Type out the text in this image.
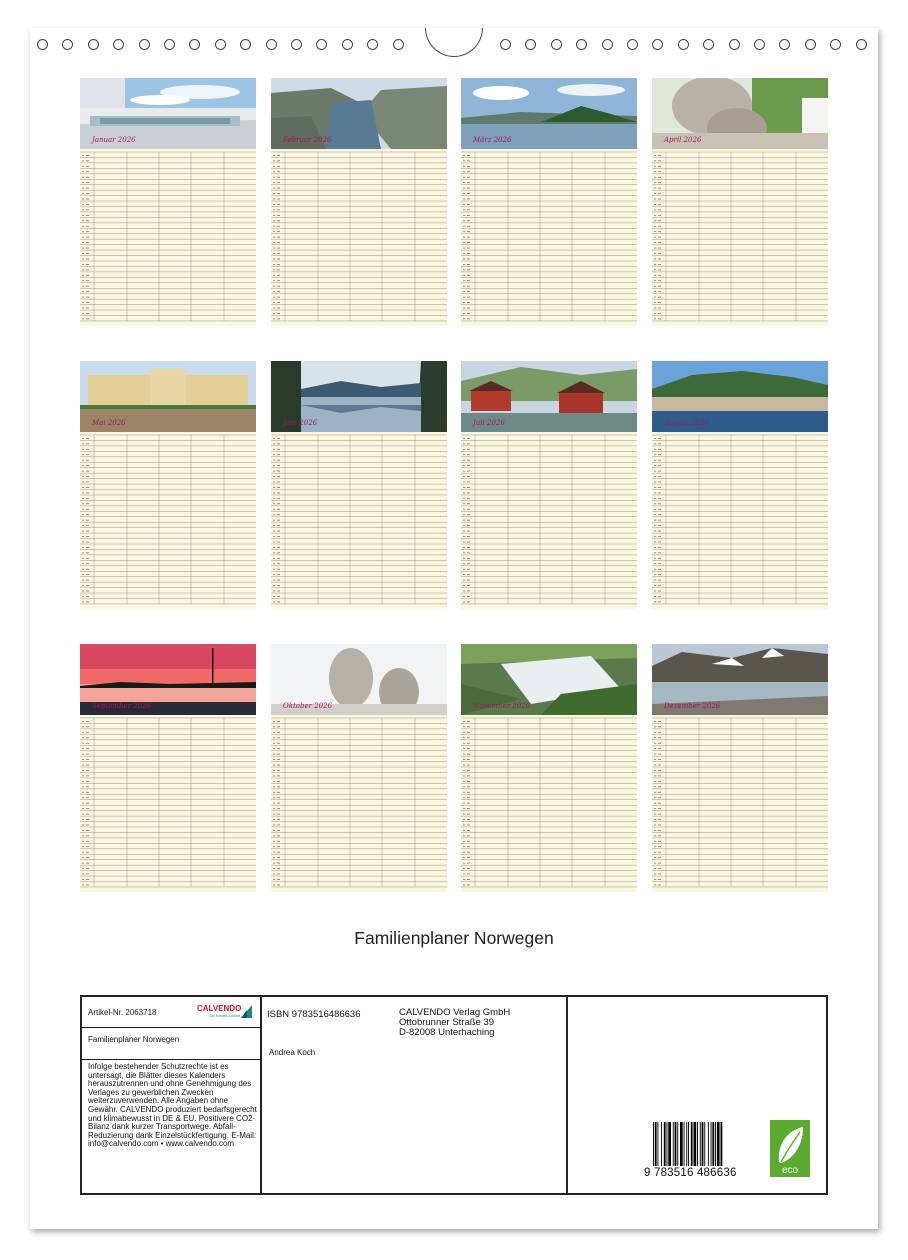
Januar 2026	Februar 2026	März 2026	April 2026
Mai 2026	Juni 2026	Juli 2026	August 2026
September 2026	Oktober 2026	November 2026	Dezember 2026
Familienplaner Norwegen
Artikel-Nr. 2063718	CALVENDO
Sei Kreativ-online
Familienplaner Norwegen
Infolge bestehender Schutzrechte ist es untersagt, die Blätter dieses Kalenders herauszutrennen und ohne Genehmigung des Verlages zu gewerblichen Zwecken weiterzuverwenden. Alle Angaben ohne Gewähr. CALVENDO produziert bedarfsgerecht und klimabewusst in DE & EU. Positivere CO2-Bilanz dank kurzer Transportwege. Abfall-Reduzierung dank Einzelstückfertigung. E-Mail: info@calvendo.com • www.calvendo.com
ISBN 9783516486636
Andrea Koch
CALVENDO Verlag GmbH
Ottobrunner Straße 39
D-82008 Unterhaching
9 783516 486636	eco
